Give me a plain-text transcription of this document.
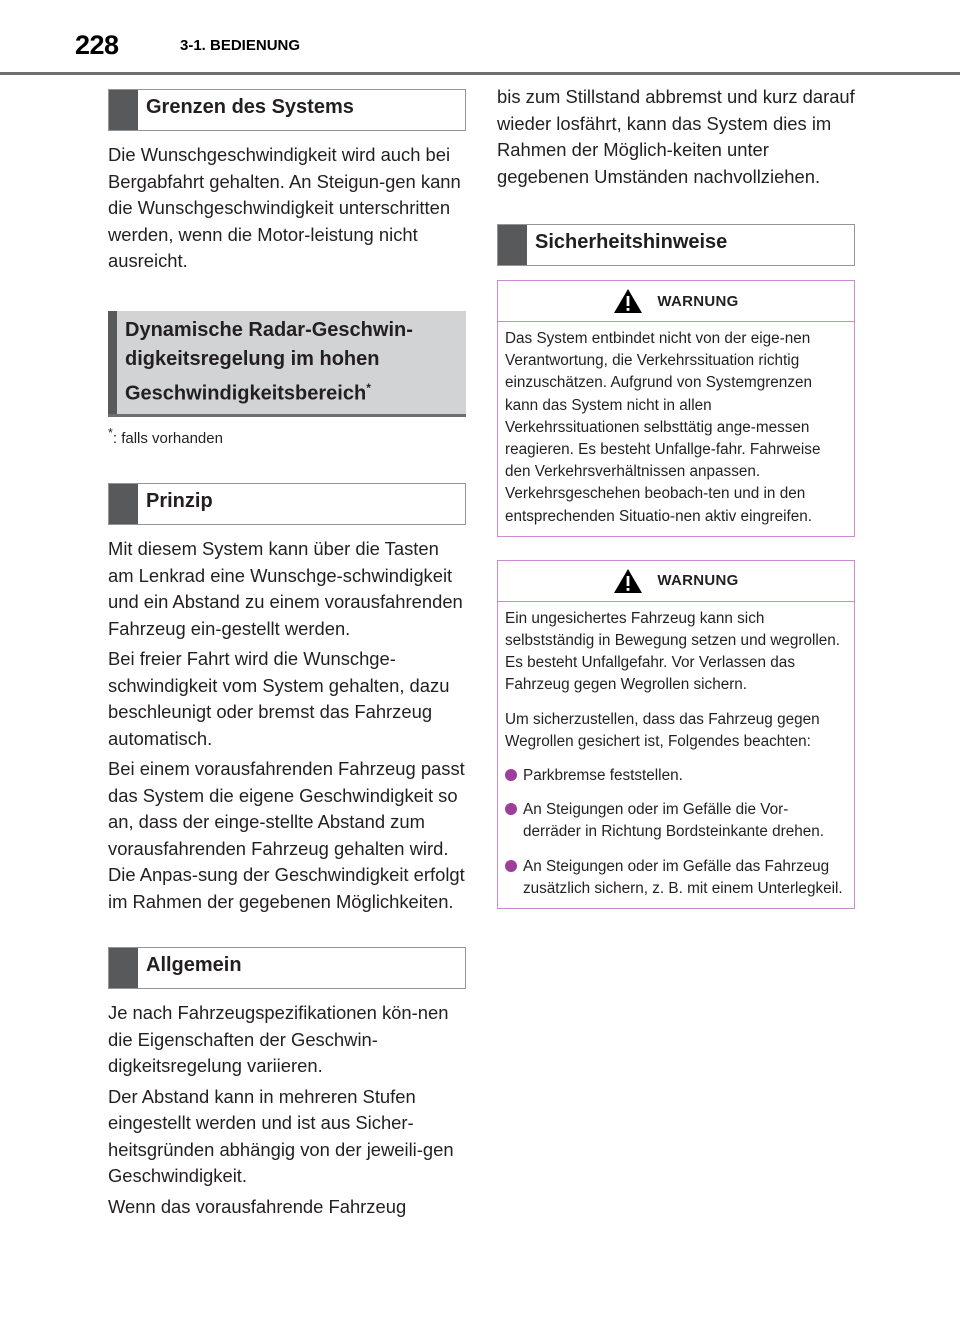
228	3-1. BEDIENUNG
Grenzen des Systems

Die Wunschgeschwindigkeit wird auch bei Bergabfahrt gehalten. An Steigun-gen kann die Wunschgeschwindigkeit unterschritten werden, wenn die Motor-leistung nicht ausreicht.

Dynamische Radar-Geschwin-
digkeitsregelung im hohen
Geschwindigkeitsbereich*
*: falls vorhanden
Prinzip

Mit diesem System kann über die Tasten am Lenkrad eine Wunschge-schwindigkeit und ein Abstand zu einem vorausfahrenden Fahrzeug ein-gestellt werden.

Bei freier Fahrt wird die Wunschge-schwindigkeit vom System gehalten, dazu beschleunigt oder bremst das Fahrzeug automatisch.

Bei einem vorausfahrenden Fahrzeug passt das System die eigene Geschwindigkeit so an, dass der einge-stellte Abstand zum vorausfahrenden Fahrzeug gehalten wird. Die Anpas-sung der Geschwindigkeit erfolgt im Rahmen der gegebenen Möglichkeiten.

Allgemein

Je nach Fahrzeugspezifikationen kön-nen die Eigenschaften der Geschwin-digkeitsregelung variieren.

Der Abstand kann in mehreren Stufen eingestellt werden und ist aus Sicher-heitsgründen abhängig von der jeweili-gen Geschwindigkeit.

Wenn das vorausfahrende Fahrzeug

bis zum Stillstand abbremst und kurz darauf wieder losfährt, kann das System dies im Rahmen der Möglich-keiten unter gegebenen Umständen nachvollziehen.

Sicherheitshinweise
WARNUNG

Das System entbindet nicht von der eige-nen Verantwortung, die Verkehrssituation richtig einzuschätzen. Aufgrund von Systemgrenzen kann das System nicht in allen Verkehrssituationen selbsttätig ange-messen reagieren. Es besteht Unfallge-fahr. Fahrweise den Verkehrsverhältnissen anpassen. Verkehrsgeschehen beobach-ten und in den entsprechenden Situatio-nen aktiv eingreifen.

WARNUNG

Ein ungesichertes Fahrzeug kann sich selbstständig in Bewegung setzen und wegrollen. Es besteht Unfallgefahr. Vor Verlassen das Fahrzeug gegen Wegrollen sichern.

Um sicherzustellen, dass das Fahrzeug gegen Wegrollen gesichert ist, Folgendes beachten:

Parkbremse feststellen.

An Steigungen oder im Gefälle die Vor-derräder in Richtung Bordsteinkante drehen.

An Steigungen oder im Gefälle das Fahrzeug zusätzlich sichern, z. B. mit einem Unterlegkeil.
